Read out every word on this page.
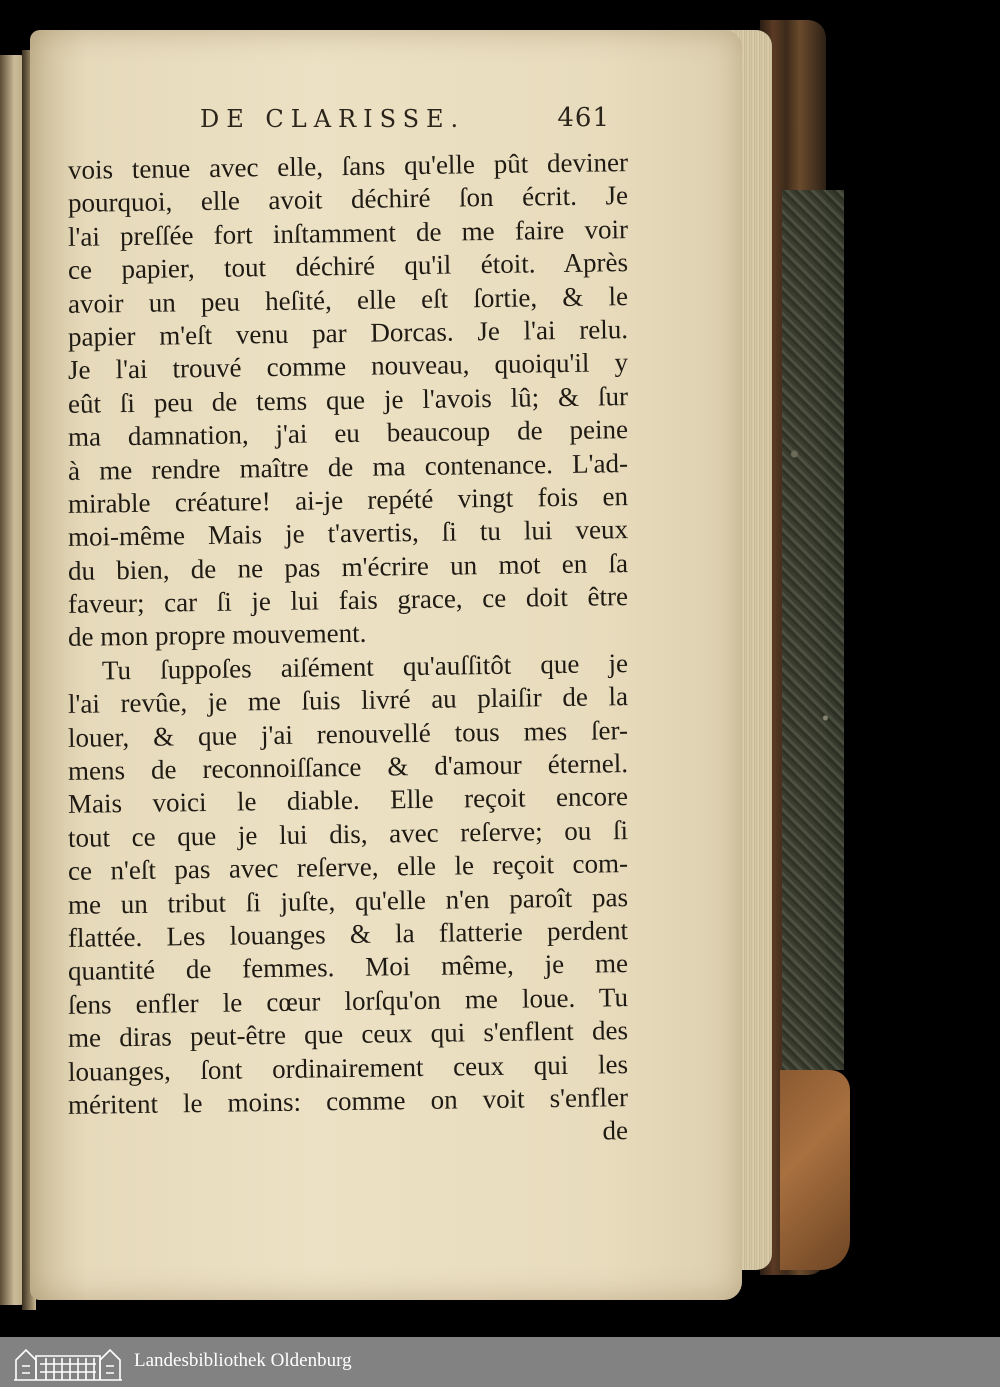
DE CLARISSE.	461
vois tenue avec elle, ſans qu'elle pût deviner
pourquoi, elle avoit déchiré ſon écrit. Je
l'ai preſſée fort inſtamment de me faire voir
ce papier, tout déchiré qu'il étoit. Après
avoir un peu heſité, elle eſt ſortie, & le
papier m'eſt venu par Dorcas. Je l'ai relu.
Je l'ai trouvé comme nouveau, quoiqu'il y
eût ſi peu de tems que je l'avois lû; & ſur
ma damnation, j'ai eu beaucoup de peine
à me rendre maître de ma contenance. L'ad-
mirable créature! ai-je repété vingt fois en
moi-même Mais je t'avertis, ſi tu lui veux
du bien, de ne pas m'écrire un mot en ſa
faveur; car ſi je lui fais grace, ce doit être
de mon propre mouvement.
Tu ſuppoſes aiſément qu'auſſitôt que je
l'ai revûe, je me ſuis livré au plaiſir de la
louer, & que j'ai renouvellé tous mes ſer-
mens de reconnoiſſance & d'amour éternel.
Mais voici le diable. Elle reçoit encore
tout ce que je lui dis, avec reſerve; ou ſi
ce n'eſt pas avec reſerve, elle le reçoit com-
me un tribut ſi juſte, qu'elle n'en paroît pas
flattée. Les louanges & la flatterie perdent
quantité de femmes. Moi même, je me
ſens enfler le cœur lorſqu'on me loue. Tu
me diras peut-être que ceux qui s'enflent des
louanges, ſont ordinairement ceux qui les
méritent le moins: comme on voit s'enfler
de
Landesbibliothek Oldenburg
